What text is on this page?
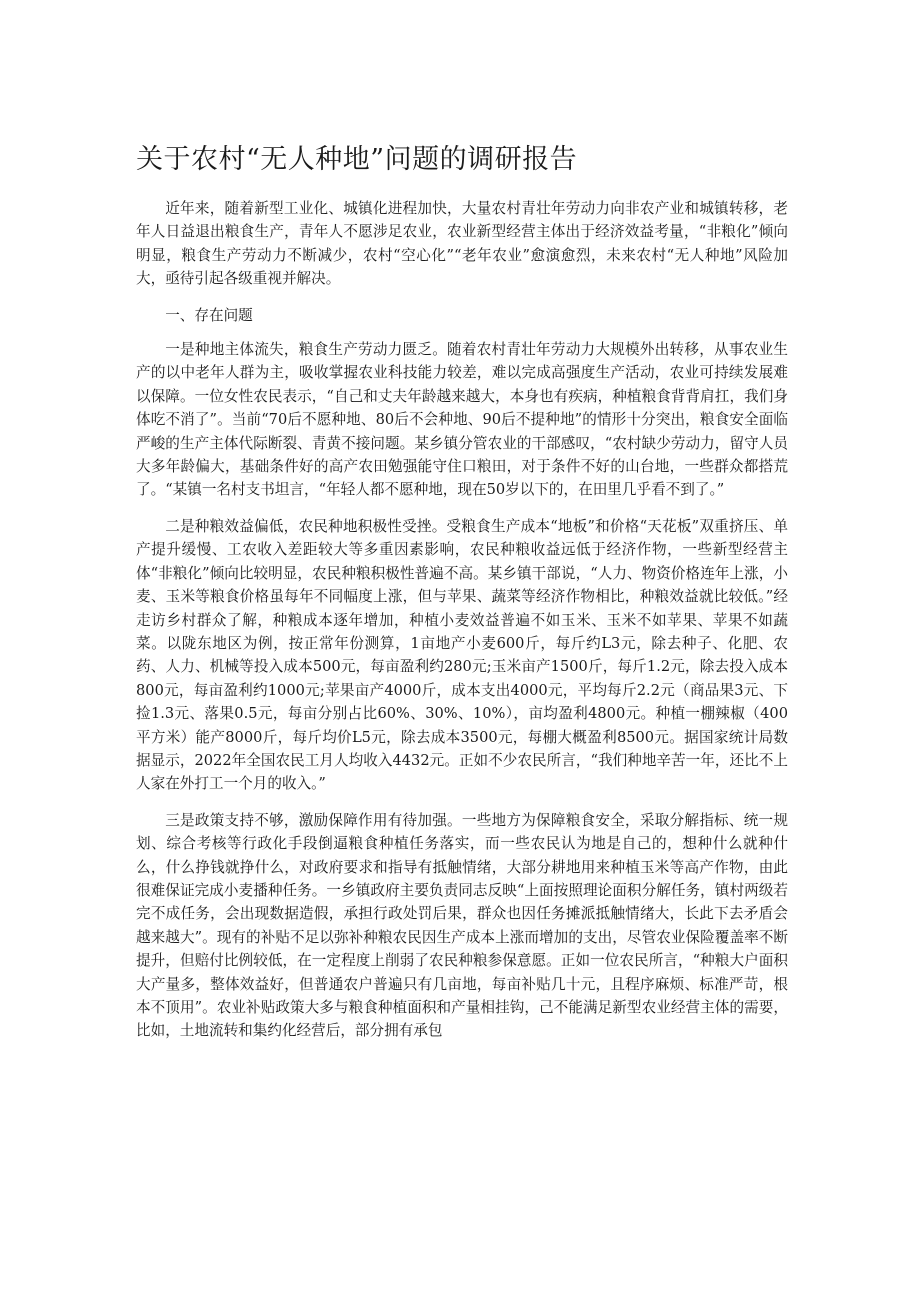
关于农村“无人种地”问题的调研报告

近年来，随着新型工业化、城镇化进程加快，大量农村青壮年劳动力向非农产业和城镇转移，老年人日益退出粮食生产，青年人不愿涉足农业，农业新型经营主体出于经济效益考量，“非粮化”倾向明显，粮食生产劳动力不断减少，农村“空心化”“老年农业”愈演愈烈，未来农村“无人种地”风险加大，亟待引起各级重视并解决。

一、存在问题

一是种地主体流失，粮食生产劳动力匮乏。随着农村青壮年劳动力大规模外出转移，从事农业生产的以中老年人群为主，吸收掌握农业科技能力较差，难以完成高强度生产活动，农业可持续发展难以保障。一位女性农民表示，“自己和丈夫年龄越来越大，本身也有疾病，种植粮食背背肩扛，我们身体吃不消了”。当前“70后不愿种地、80后不会种地、90后不提种地”的情形十分突出，粮食安全面临严峻的生产主体代际断裂、青黄不接问题。某乡镇分管农业的干部感叹，“农村缺少劳动力，留守人员大多年龄偏大，基础条件好的高产农田勉强能守住口粮田，对于条件不好的山台地，一些群众都搭荒了。“某镇一名村支书坦言，“年轻人都不愿种地，现在50岁以下的，在田里几乎看不到了。”

二是种粮效益偏低，农民种地积极性受挫。受粮食生产成本“地板”和价格“天花板”双重挤压、单产提升缓慢、工农收入差距较大等多重因素影响，农民种粮收益远低于经济作物，一些新型经营主体“非粮化”倾向比较明显，农民种粮积极性普遍不高。某乡镇干部说，“人力、物资价格连年上涨，小麦、玉米等粮食价格虽每年不同幅度上涨，但与苹果、蔬菜等经济作物相比，种粮效益就比较低。”经走访乡村群众了解，种粮成本逐年增加，种植小麦效益普遍不如玉米、玉米不如苹果、苹果不如蔬菜。以陇东地区为例，按正常年份测算，1亩地产小麦600斤，每斤约L3元，除去种子、化肥、农药、人力、机械等投入成本500元，每亩盈利约280元;玉米亩产1500斤，每斤1.2元，除去投入成本800元，每亩盈利约1000元;苹果亩产4000斤，成本支出4000元，平均每斤2.2元（商品果3元、下捡1.3元、落果0.5元，每亩分别占比60%、30%、10%），亩均盈利4800元。种植一棚辣椒（400平方米）能产8000斤，每斤均价L5元，除去成本3500元，每棚大概盈利8500元。据国家统计局数据显示，2022年全国农民工月人均收入4432元。正如不少农民所言，“我们种地辛苦一年，还比不上人家在外打工一个月的收入。”

三是政策支持不够，激励保障作用有待加强。一些地方为保障粮食安全，采取分解指标、统一规划、综合考核等行政化手段倒逼粮食种植任务落实，而一些农民认为地是自己的，想种什么就种什么，什么挣钱就挣什么，对政府要求和指导有抵触情绪，大部分耕地用来种植玉米等高产作物，由此很难保证完成小麦播种任务。一乡镇政府主要负责同志反映“上面按照理论面积分解任务，镇村两级若完不成任务，会出现数据造假，承担行政处罚后果，群众也因任务摊派抵触情绪大，长此下去矛盾会越来越大”。现有的补贴不足以弥补种粮农民因生产成本上涨而增加的支出，尽管农业保险覆盖率不断提升，但赔付比例较低，在一定程度上削弱了农民种粮参保意愿。正如一位农民所言，“种粮大户面积大产量多，整体效益好，但普通农户普遍只有几亩地，每亩补贴几十元，且程序麻烦、标准严苛，根本不顶用”。农业补贴政策大多与粮食种植面积和产量相挂钩，己不能满足新型农业经营主体的需要，比如，土地流转和集约化经营后，部分拥有承包
